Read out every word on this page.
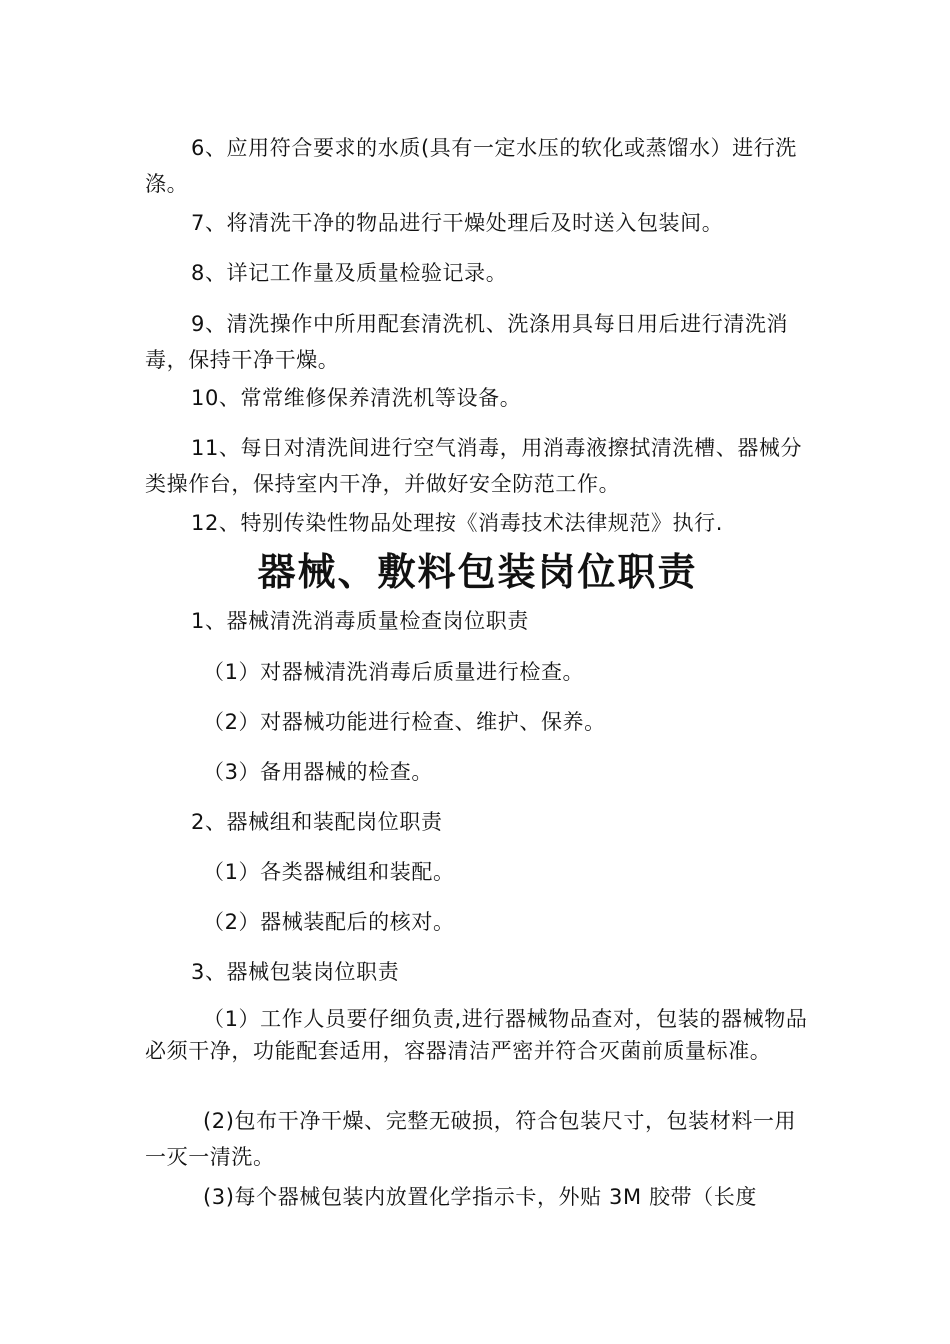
6、应用符合要求的水质(具有一定水压的软化或蒸馏水）进行洗涤。

7、将清洗干净的物品进行干燥处理后及时送入包装间。

8、详记工作量及质量检验记录。

9、清洗操作中所用配套清洗机、洗涤用具每日用后进行清洗消毒，保持干净干燥。

10、常常维修保养清洗机等设备。

11、每日对清洗间进行空气消毒，用消毒液擦拭清洗槽、器械分类操作台，保持室内干净，并做好安全防范工作。

12、特别传染性物品处理按《消毒技术法律规范》执行.

器械、敷料包装岗位职责

1、器械清洗消毒质量检查岗位职责

（1）对器械清洗消毒后质量进行检查。

（2）对器械功能进行检查、维护、保养。

（3）备用器械的检查。

2、器械组和装配岗位职责

（1）各类器械组和装配。

（2）器械装配后的核对。

3、器械包装岗位职责

（1）工作人员要仔细负责,进行器械物品查对，包装的器械物品必须干净，功能配套适用，容器清洁严密并符合灭菌前质量标准。

(2)包布干净干燥、完整无破损，符合包装尺寸，包装材料一用一灭一清洗。

(3)每个器械包装内放置化学指示卡，外贴 3M 胶带（长度
